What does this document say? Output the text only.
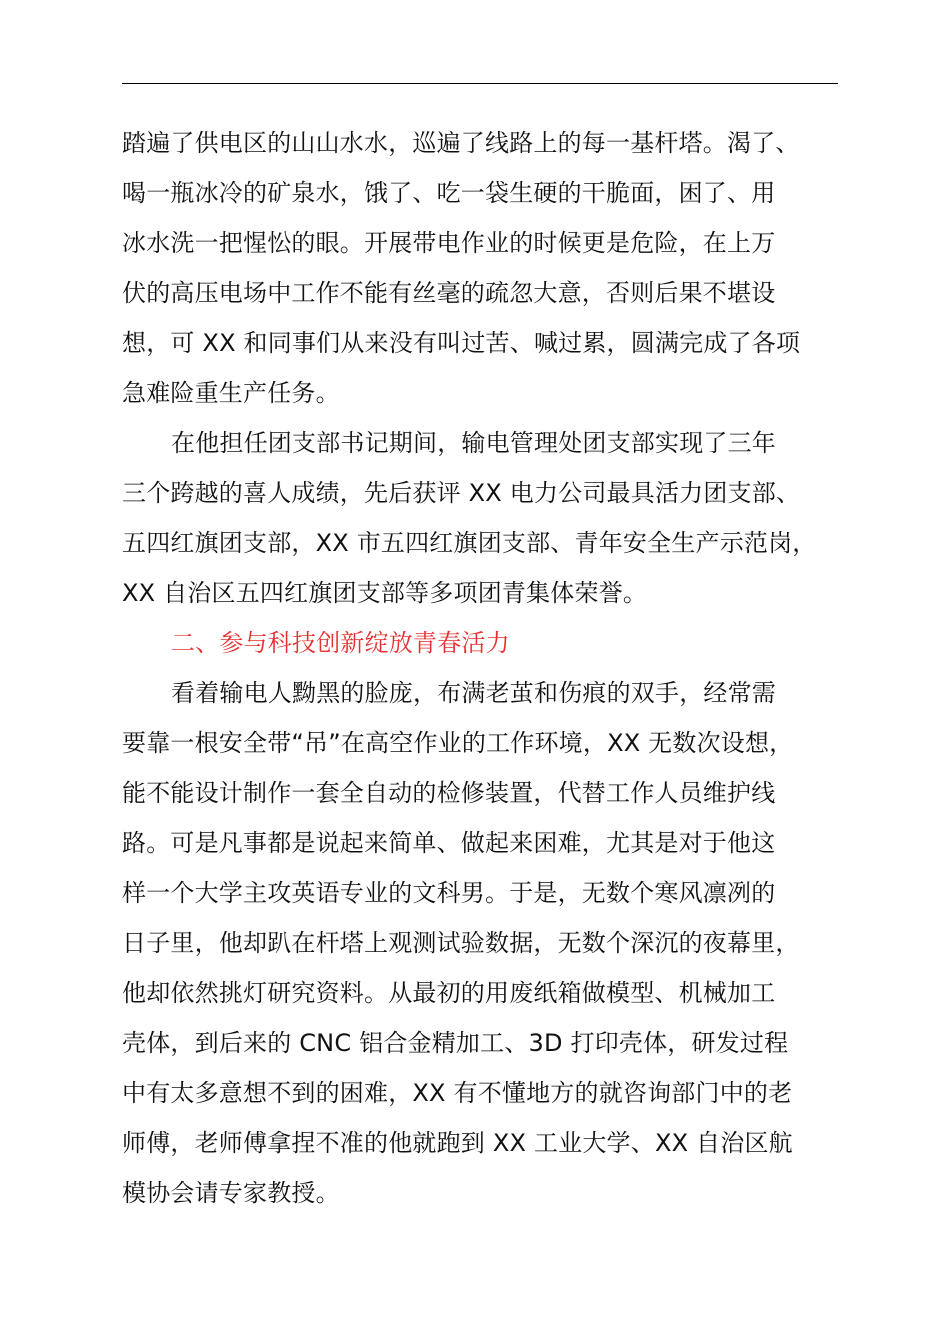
踏遍了供电区的山山水水，巡遍了线路上的每一基杆塔。渴了、
喝一瓶冰冷的矿泉水，饿了、吃一袋生硬的干脆面，困了、用
冰水洗一把惺忪的眼。开展带电作业的时候更是危险，在上万
伏的高压电场中工作不能有丝毫的疏忽大意，否则后果不堪设
想，可 XX 和同事们从来没有叫过苦、喊过累，圆满完成了各项
急难险重生产任务。
在他担任团支部书记期间，输电管理处团支部实现了三年
三个跨越的喜人成绩，先后获评 XX 电力公司最具活力团支部、
五四红旗团支部，XX 市五四红旗团支部、青年安全生产示范岗，
XX 自治区五四红旗团支部等多项团青集体荣誉。
二、参与科技创新绽放青春活力
看着输电人黝黑的脸庞，布满老茧和伤痕的双手，经常需
要靠一根安全带“吊”在高空作业的工作环境，XX 无数次设想，
能不能设计制作一套全自动的检修装置，代替工作人员维护线
路。可是凡事都是说起来简单、做起来困难，尤其是对于他这
样一个大学主攻英语专业的文科男。于是，无数个寒风凛冽的
日子里，他却趴在杆塔上观测试验数据，无数个深沉的夜幕里，
他却依然挑灯研究资料。从最初的用废纸箱做模型、机械加工
壳体，到后来的 CNC 铝合金精加工、3D 打印壳体，研发过程
中有太多意想不到的困难，XX 有不懂地方的就咨询部门中的老
师傅，老师傅拿捏不准的他就跑到 XX 工业大学、XX 自治区航
模协会请专家教授。
